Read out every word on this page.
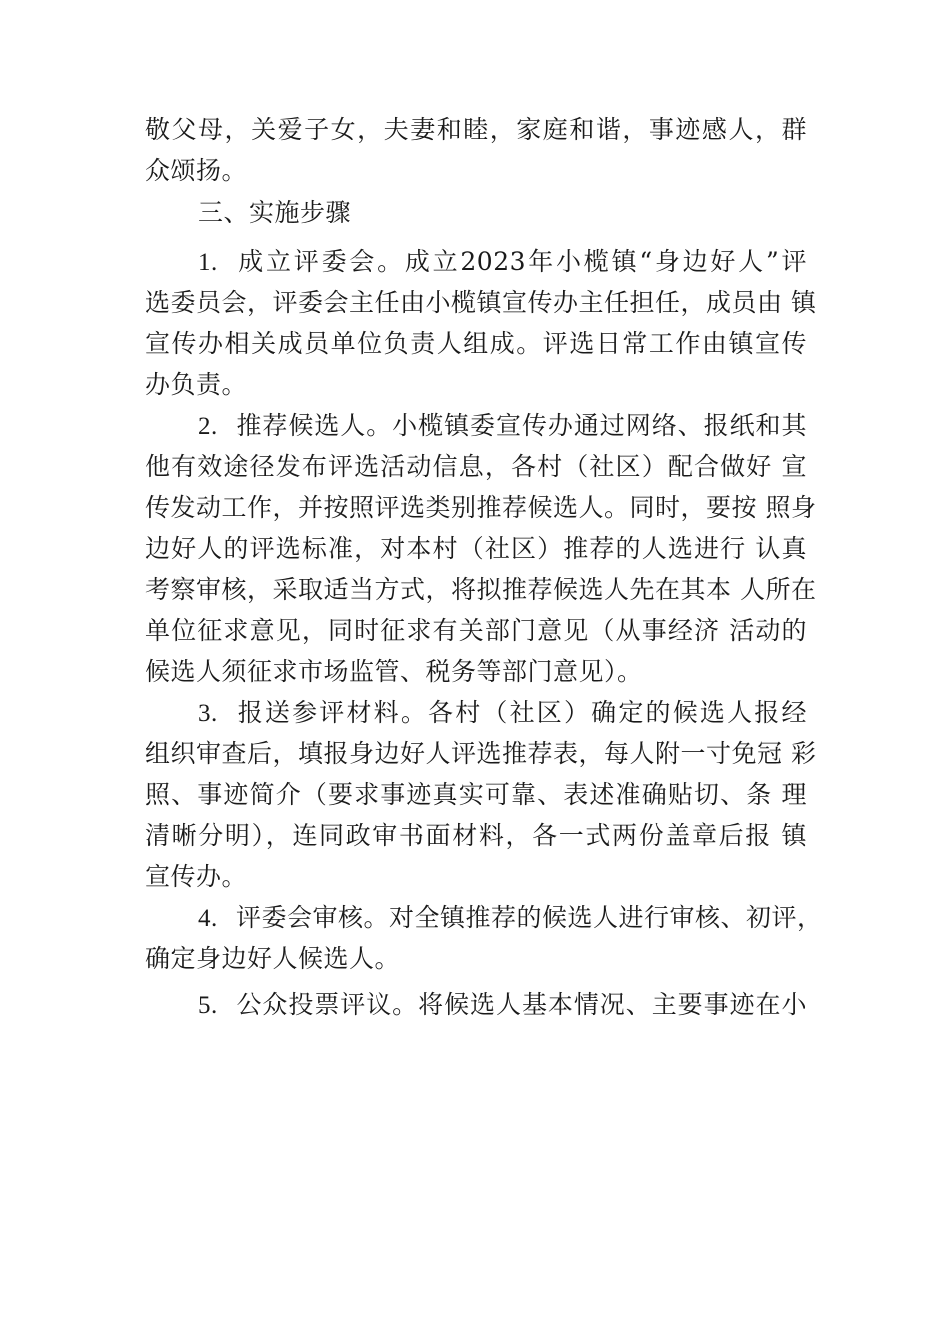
敬父母，关爱子女，夫妻和睦，家庭和谐，事迹感人，群
众颂扬。
三、实施步骤
1. 成立评委会。成立2023年小榄镇“身边好人”评
选委员会，评委会主任由小榄镇宣传办主任担任，成员由 镇
宣传办相关成员单位负责人组成。评选日常工作由镇宣传
办负责。
2. 推荐候选人。小榄镇委宣传办通过网络、报纸和其
他有效途径发布评选活动信息，各村（社区）配合做好 宣
传发动工作，并按照评选类别推荐候选人。同时，要按 照身
边好人的评选标准，对本村（社区）推荐的人选进行 认真
考察审核，采取适当方式，将拟推荐候选人先在其本 人所在
单位征求意见，同时征求有关部门意见（从事经济 活动的
候选人须征求市场监管、税务等部门意见）。
3. 报送参评材料。各村（社区）确定的候选人报经
组织审查后，填报身边好人评选推荐表，每人附一寸免冠 彩
照、事迹简介（要求事迹真实可靠、表述准确贴切、条 理
清晰分明），连同政审书面材料，各一式两份盖章后报 镇
宣传办。
4. 评委会审核。对全镇推荐的候选人进行审核、初评，
确定身边好人候选人。
5. 公众投票评议。将候选人基本情况、主要事迹在小
